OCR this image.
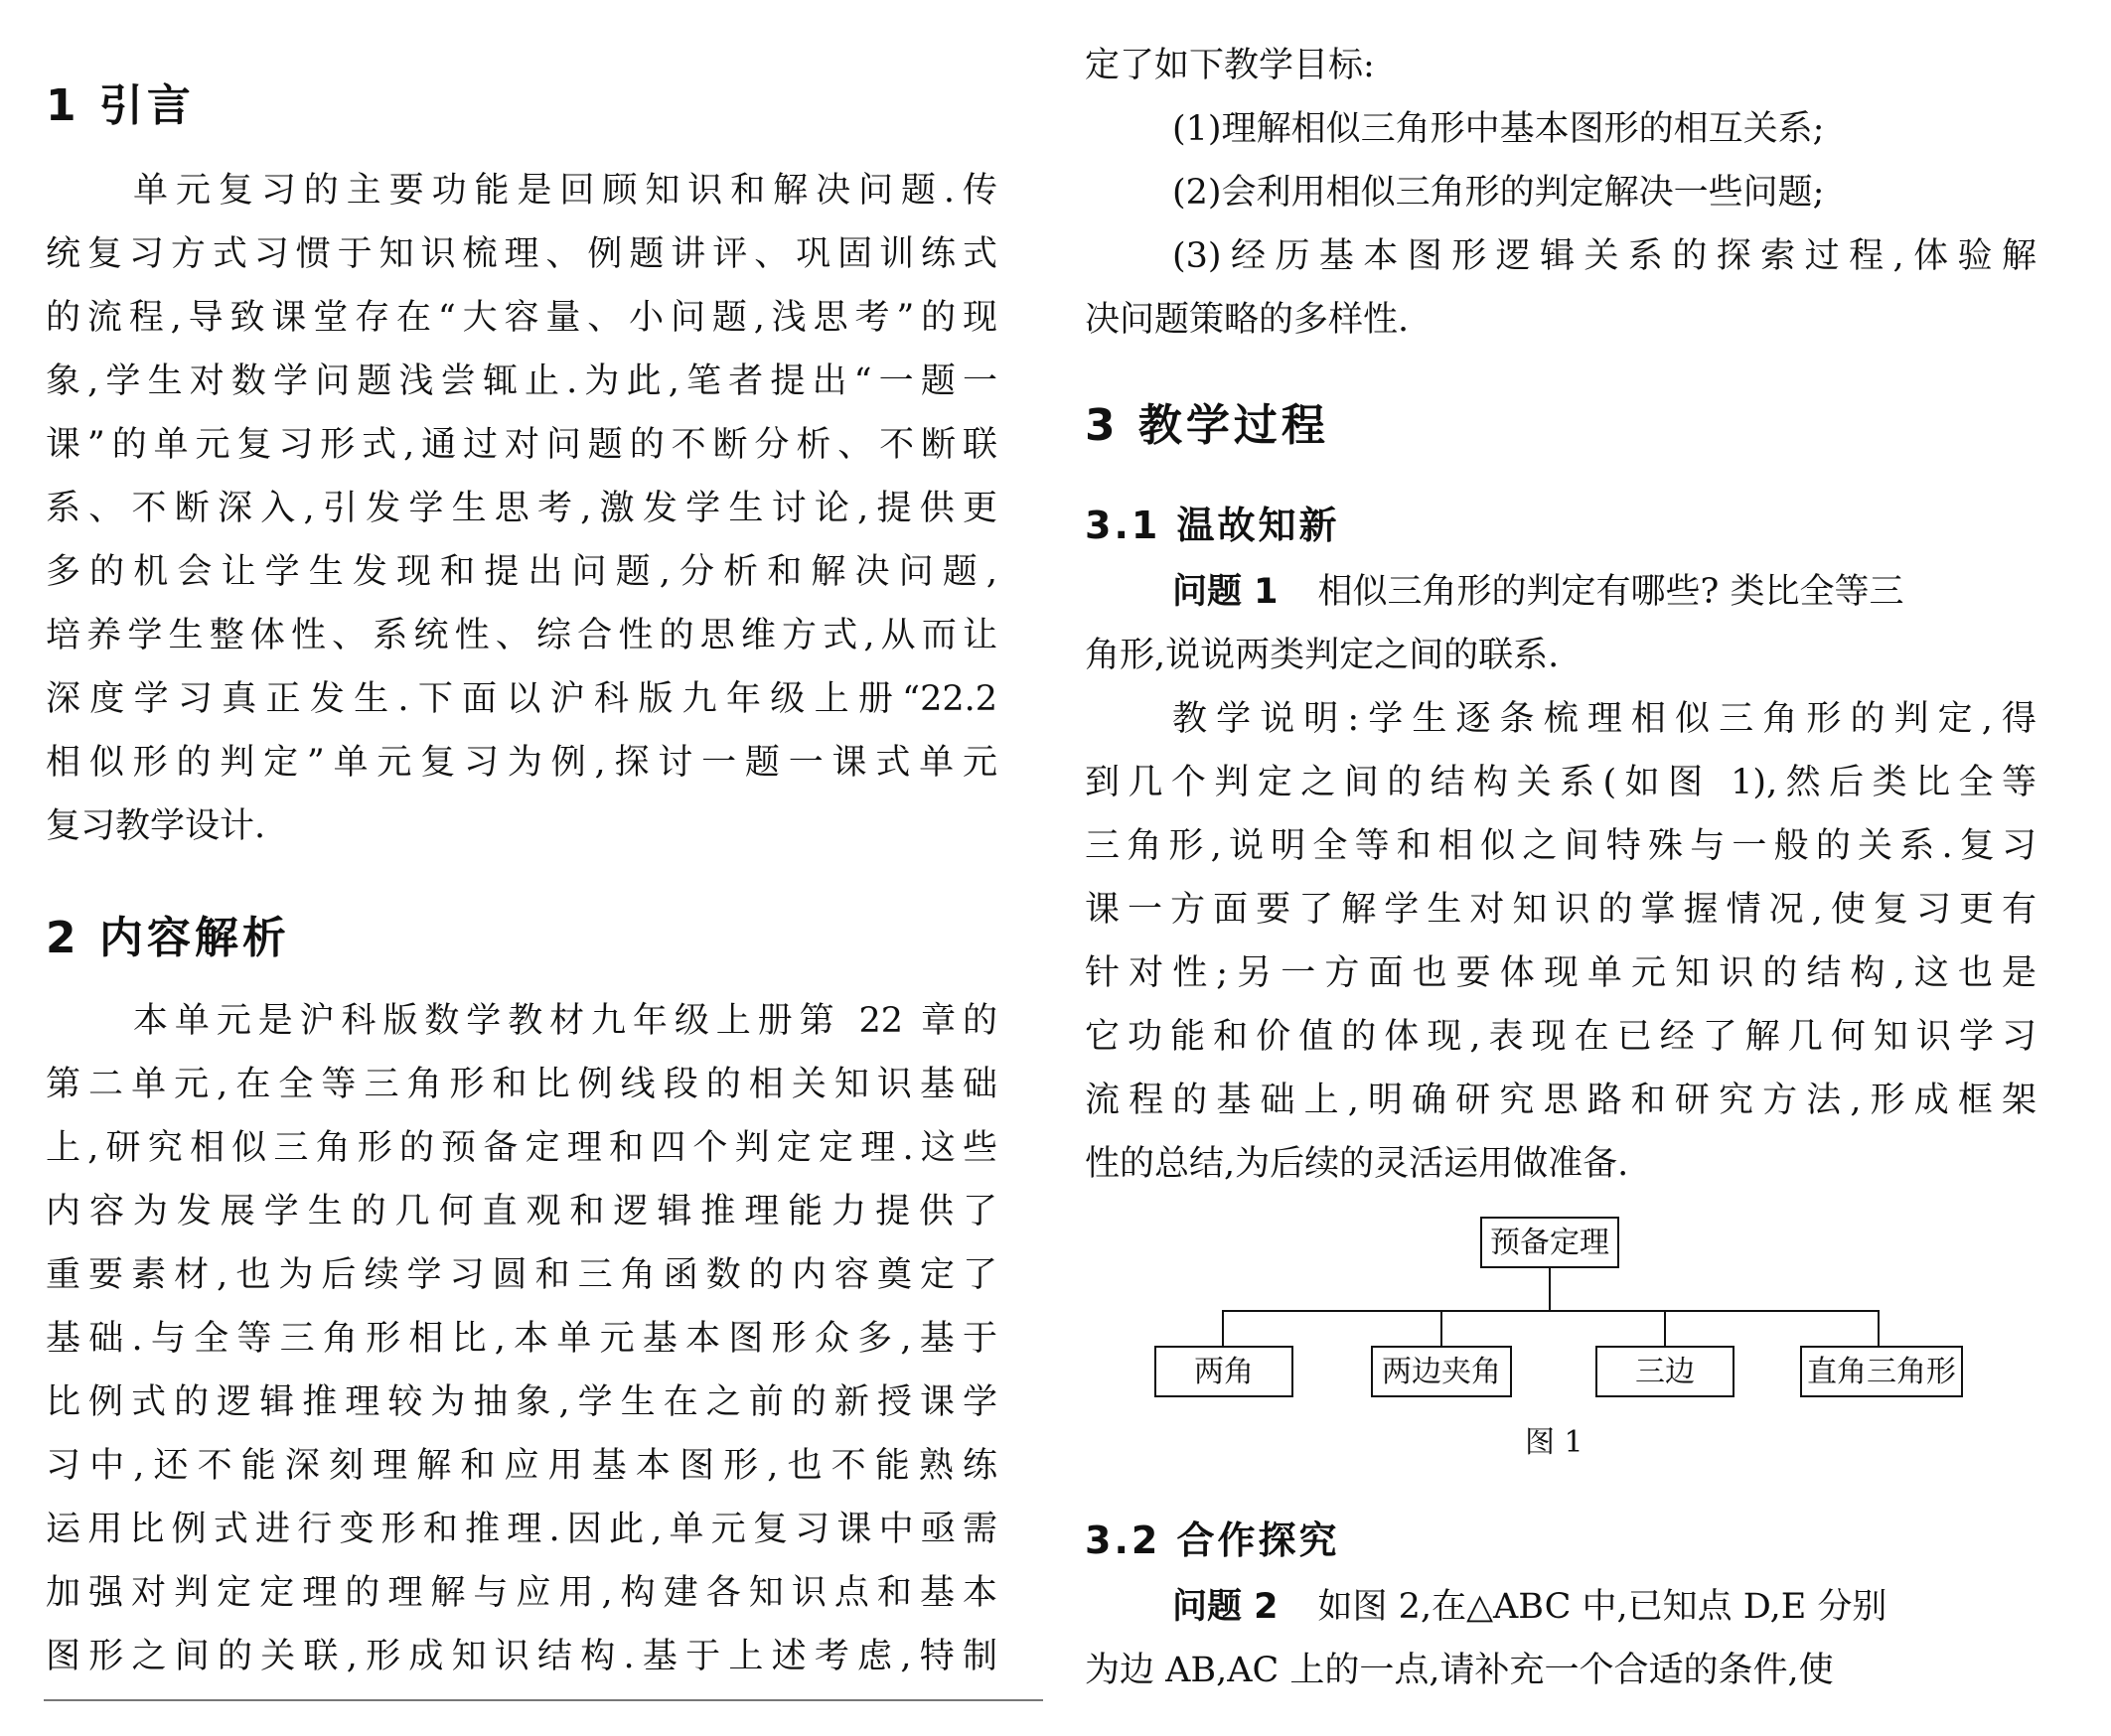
1 引言
单元复习的主要功能是回顾知识和解决问题.传
统复习方式习惯于知识梳理、例题讲评、巩固训练式
的流程,导致课堂存在“大容量、小问题,浅思考”的现
象,学生对数学问题浅尝辄止.为此,笔者提出“一题一
课”的单元复习形式,通过对问题的不断分析、不断联
系、不断深入,引发学生思考,激发学生讨论,提供更
多的机会让学生发现和提出问题,分析和解决问题,
培养学生整体性、系统性、综合性的思维方式,从而让
深度学习真正发生.下面以沪科版九年级上册“22.2
相似形的判定”单元复习为例,探讨一题一课式单元
复习教学设计.
2 内容解析
本单元是沪科版数学教材九年级上册第 22 章的
第二单元,在全等三角形和比例线段的相关知识基础
上,研究相似三角形的预备定理和四个判定定理.这些
内容为发展学生的几何直观和逻辑推理能力提供了
重要素材,也为后续学习圆和三角函数的内容奠定了
基础.与全等三角形相比,本单元基本图形众多,基于
比例式的逻辑推理较为抽象,学生在之前的新授课学
习中,还不能深刻理解和应用基本图形,也不能熟练
运用比例式进行变形和推理.因此,单元复习课中亟需
加强对判定定理的理解与应用,构建各知识点和基本
图形之间的关联,形成知识结构.基于上述考虑,特制
定了如下教学目标:
(1)理解相似三角形中基本图形的相互关系;
(2)会利用相似三角形的判定解决一些问题;
(3)经历基本图形逻辑关系的探索过程,体验解
决问题策略的多样性.
3 教学过程
3.1 温故知新
问题 1 相似三角形的判定有哪些? 类比全等三
角形,说说两类判定之间的联系.
教学说明:学生逐条梳理相似三角形的判定,得
到几个判定之间的结构关系(如图 1),然后类比全等
三角形,说明全等和相似之间特殊与一般的关系.复习
课一方面要了解学生对知识的掌握情况,使复习更有
针对性;另一方面也要体现单元知识的结构,这也是
它功能和价值的体现,表现在已经了解几何知识学习
流程的基础上,明确研究思路和研究方法,形成框架
性的总结,为后续的灵活运用做准备.
3.2 合作探究
问题 2 如图 2,在△ABC 中,已知点 D,E 分别
为边 AB,AC 上的一点,请补充一个合适的条件,使
预备定理
两角	两边夹角	三边	直角三角形
图 1
